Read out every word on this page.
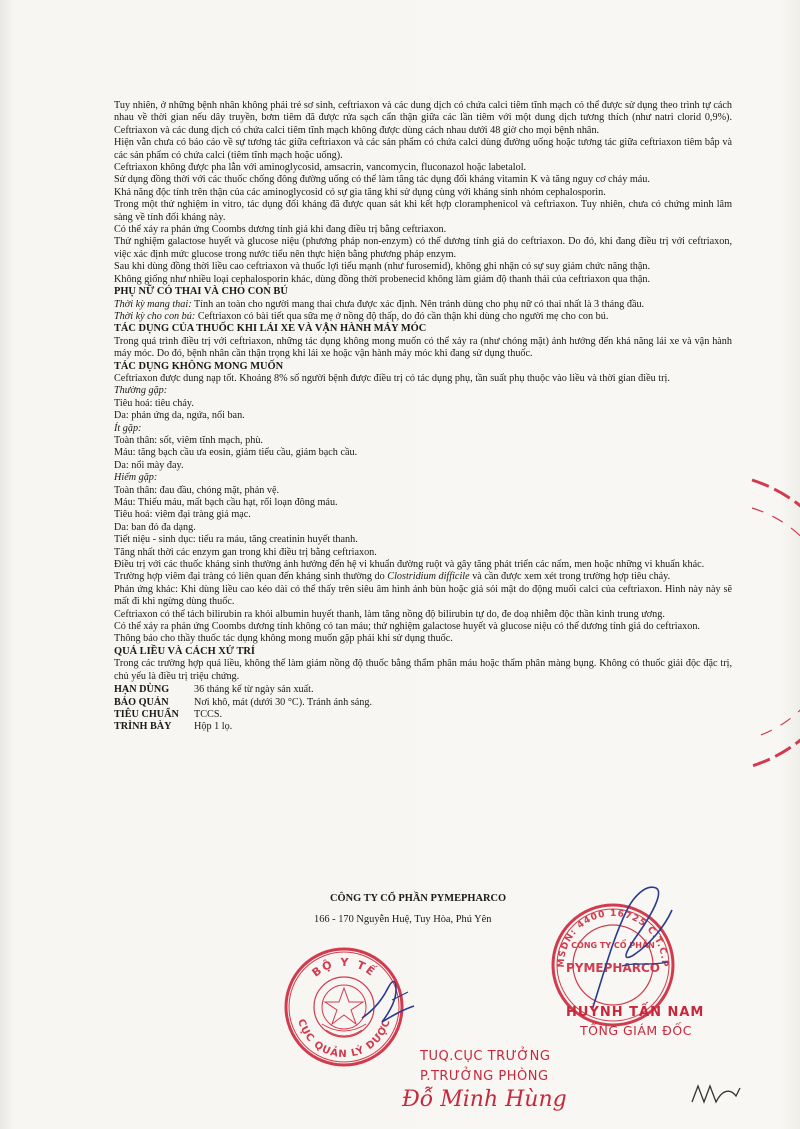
Tuy nhiên, ở những bệnh nhân không phải trẻ sơ sinh, ceftriaxon và các dung dịch có chứa calci tiêm tĩnh mạch có thể được sử dụng theo trình tự cách nhau về thời gian nếu dây truyền, bơm tiêm đã được rửa sạch cẩn thận giữa các lần tiêm với một dung dịch tương thích (như natri clorid 0,9%). Ceftriaxon và các dung dịch có chứa calci tiêm tĩnh mạch không được dùng cách nhau dưới 48 giờ cho mọi bệnh nhân.

Hiện vẫn chưa có báo cáo về sự tương tác giữa ceftriaxon và các sản phẩm có chứa calci dùng đường uống hoặc tương tác giữa ceftriaxon tiêm bắp và các sản phẩm có chứa calci (tiêm tĩnh mạch hoặc uống).

Ceftriaxon không được pha lẫn với aminoglycosid, amsacrin, vancomycin, fluconazol hoặc labetalol.

Sử dụng đồng thời với các thuốc chống đông đường uống có thể làm tăng tác dụng đối kháng vitamin K và tăng nguy cơ chảy máu.

Khả năng độc tính trên thận của các aminoglycosid có sự gia tăng khi sử dụng cùng với kháng sinh nhóm cephalosporin.

Trong một thử nghiệm in vitro, tác dụng đối kháng đã được quan sát khi kết hợp cloramphenicol và ceftriaxon. Tuy nhiên, chưa có chứng minh lâm sàng về tính đối kháng này.

Có thể xảy ra phản ứng Coombs dương tính giả khi đang điều trị bằng ceftriaxon.

Thử nghiệm galactose huyết và glucose niệu (phương pháp non-enzym) có thể dương tính giả do ceftriaxon. Do đó, khi đang điều trị với ceftriaxon, việc xác định mức glucose trong nước tiểu nên thực hiện bằng phương pháp enzym.

Sau khi dùng đồng thời liều cao ceftriaxon và thuốc lợi tiểu mạnh (như furosemid), không ghi nhận có sự suy giảm chức năng thận.

Không giống như nhiều loại cephalosporin khác, dùng đồng thời probenecid không làm giảm độ thanh thải của ceftriaxon qua thận.

PHỤ NỮ CÓ THAI VÀ CHO CON BÚ

Thời kỳ mang thai: Tính an toàn cho người mang thai chưa được xác định. Nên tránh dùng cho phụ nữ có thai nhất là 3 tháng đầu.

Thời kỳ cho con bú: Ceftriaxon có bài tiết qua sữa mẹ ở nồng độ thấp, do đó cần thận khi dùng cho người mẹ cho con bú.

TÁC DỤNG CỦA THUỐC KHI LÁI XE VÀ VẬN HÀNH MÁY MÓC

Trong quá trình điều trị với ceftriaxon, những tác dụng không mong muốn có thể xảy ra (như chóng mặt) ảnh hưởng đến khả năng lái xe và vận hành máy móc. Do đó, bệnh nhân cần thận trọng khi lái xe hoặc vận hành máy móc khi đang sử dụng thuốc.

TÁC DỤNG KHÔNG MONG MUỐN

Ceftriaxon được dung nạp tốt. Khoảng 8% số người bệnh được điều trị có tác dụng phụ, tần suất phụ thuộc vào liều và thời gian điều trị.

Thường gặp:

Tiêu hoá: tiêu chảy.

Da: phản ứng da, ngứa, nổi ban.

Ít gặp:

Toàn thân: sốt, viêm tĩnh mạch, phù.

Máu: tăng bạch cầu ưa eosin, giảm tiểu cầu, giảm bạch cầu.

Da: nổi mày đay.

Hiếm gặp:

Toàn thân: đau đầu, chóng mặt, phản vệ.

Máu: Thiếu máu, mất bạch cầu hạt, rối loạn đông máu.

Tiêu hoá: viêm đại tràng giả mạc.

Da: ban đỏ đa dạng.

Tiết niệu - sinh dục: tiểu ra máu, tăng creatinin huyết thanh.

Tăng nhất thời các enzym gan trong khi điều trị bằng ceftriaxon.

Điều trị với các thuốc kháng sinh thường ảnh hưởng đến hệ vi khuẩn đường ruột và gây tăng phát triển các nấm, men hoặc những vi khuẩn khác.

Trường hợp viêm đại tràng có liên quan đến kháng sinh thường do Clostridium difficile và cần được xem xét trong trường hợp tiêu chảy.

Phản ứng khác: Khi dùng liều cao kéo dài có thể thấy trên siêu âm hình ảnh bùn hoặc giả sỏi mật do động muối calci của ceftriaxon. Hình này này sẽ mất đi khi ngừng dùng thuốc.

Ceftriaxon có thể tách bilirubin ra khỏi albumin huyết thanh, làm tăng nồng độ bilirubin tự do, đe doạ nhiễm độc thần kinh trung ương.

Có thể xảy ra phản ứng Coombs dương tính không có tan máu; thử nghiệm galactose huyết và glucose niệu có thể dương tính giả do ceftriaxon.

Thông báo cho thầy thuốc tác dụng không mong muốn gặp phải khi sử dụng thuốc.

QUÁ LIỀU VÀ CÁCH XỬ TRÍ

Trong các trường hợp quá liều, không thể làm giảm nồng độ thuốc bằng thẩm phân máu hoặc thẩm phân màng bụng. Không có thuốc giải độc đặc trị, chủ yếu là điều trị triệu chứng.

HẠN DÙNG	36 tháng kể từ ngày sản xuất.
BẢO QUẢN	Nơi khô, mát (dưới 30 °C). Tránh ánh sáng.
TIÊU CHUẨN	TCCS.
TRÌNH BÀY	Hộp 1 lọ.
CÔNG TY CỔ PHẦN PYMEPHARCO
166 - 170 Nguyễn Huệ, Tuy Hòa, Phú Yên
BỘ Y TẾ
CỤC QUẢN LÝ DƯỢC
TUQ.CỤC TRƯỞNG
P.TRƯỞNG PHÒNG
Đỗ Minh Hùng
MSDN: 4400 16725 C.T.C.P
CÔNG TY CỔ PHẦN
PYMEPHARCO
HUỲNH TẤN NAM
TỔNG GIÁM ĐỐC
